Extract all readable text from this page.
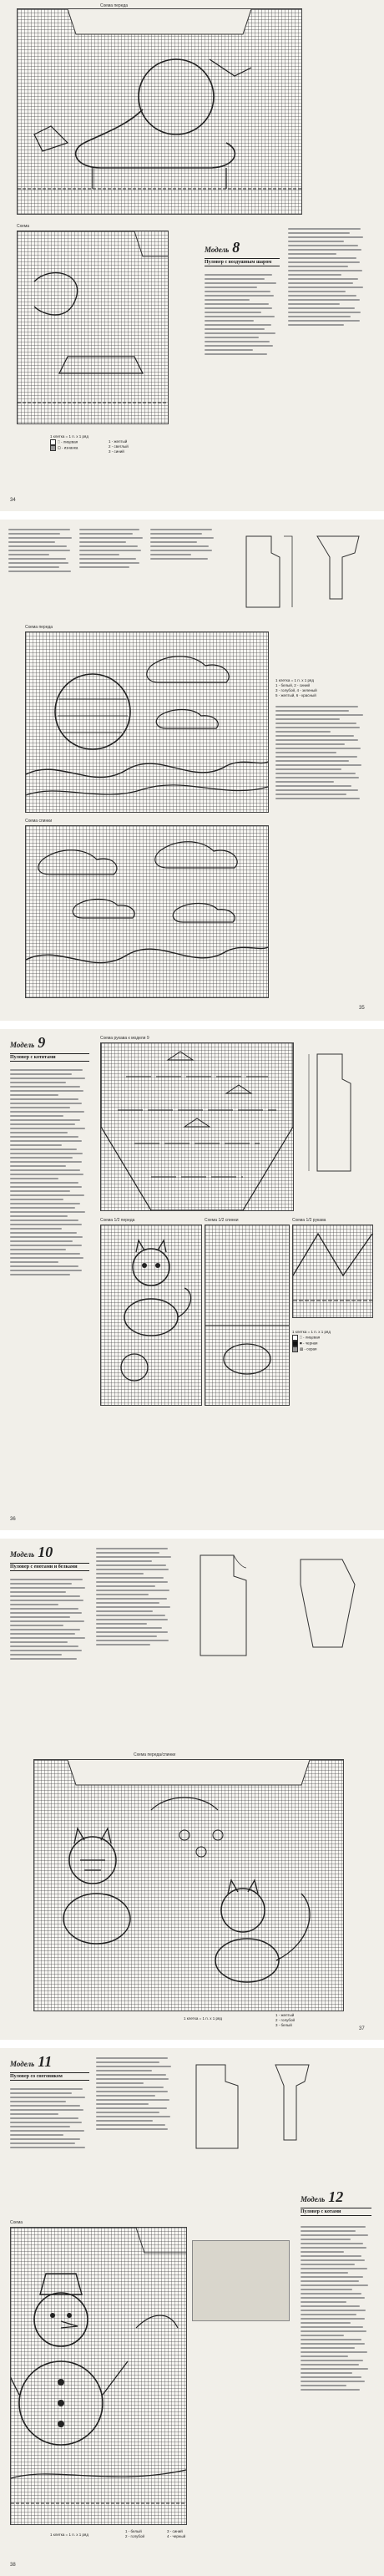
Схема переда
Схема
1 клетка = 1 п. х 1 ряд
□ - лицевая
⊡ - изнанка
1 - желтый
2 - светлый
3 - синий
Модель 8
Пуловер с воздушным шаром
34
Схема переда
1 клетка = 1 п. х 1 ряд
1 - белый, 2 - синий
3 - голубой, 4 - зеленый
5 - желтый, 6 - красный
Схема спинки
35
Модель 9
Пуловер с котятами
Схема рукава к модели 9
Схема 1/2 переда	Схема 1/2 спинки	Схема 1/2 рукава
1 клетка = 1 п. х 1 ряд
□ - лицевая
■ - черная
▨ - серая
36
Модель 10
Пуловер с енотами и белками
Схема переда/спинки
1 клетка = 1 п. х 1 ряд
1 - желтый
2 - голубой
3 - белый
37
Модель 11
Пуловер со снеговиком
Модель 12
Пуловер с котами
Схема
1 клетка = 1 п. х 1 ряд
1 - белый
2 - голубой
3 - синий
4 - черный
38
